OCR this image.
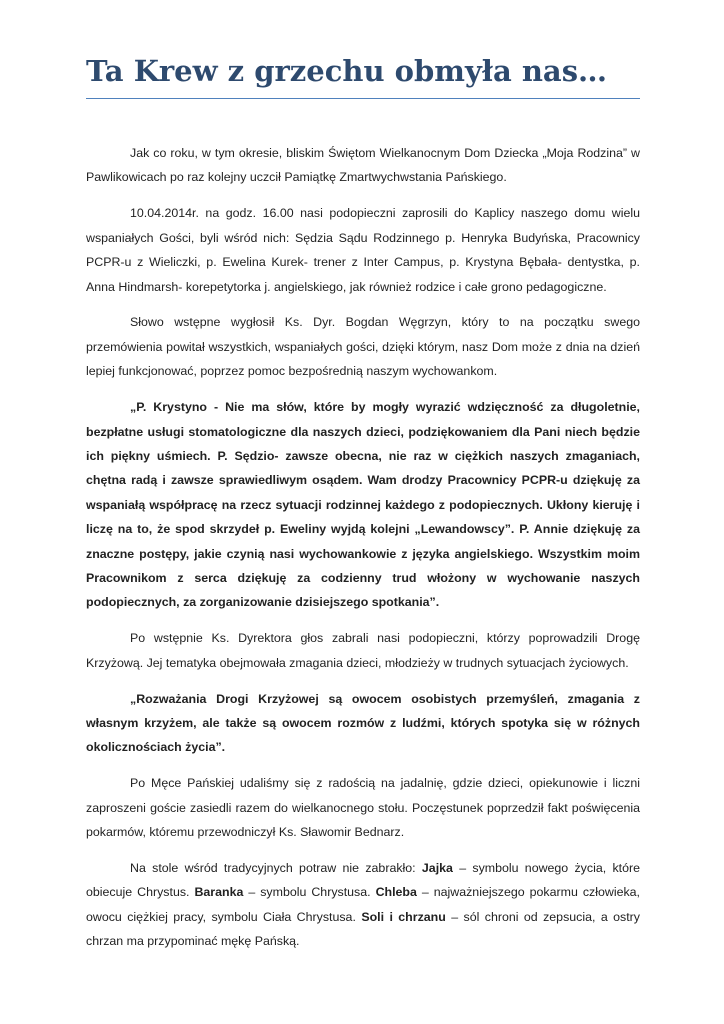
Ta Krew z grzechu obmyła nas…

Jak co roku, w tym okresie, bliskim Świętom Wielkanocnym Dom Dziecka „Moja Rodzina” w Pawlikowicach po raz kolejny uczcił Pamiątkę Zmartwychwstania Pańskiego.

10.04.2014r. na godz. 16.00 nasi podopieczni zaprosili do Kaplicy naszego domu wielu wspaniałych Gości, byli wśród nich: Sędzia Sądu Rodzinnego p. Henryka Budyńska, Pracownicy PCPR-u z Wieliczki, p. Ewelina Kurek- trener z Inter Campus, p. Krystyna Bębała- dentystka, p. Anna Hindmarsh- korepetytorka j. angielskiego, jak również rodzice i całe grono pedagogiczne.

Słowo wstępne wygłosił Ks. Dyr. Bogdan Węgrzyn, który to na początku swego przemówienia powitał wszystkich, wspaniałych gości, dzięki którym, nasz Dom może z dnia na dzień lepiej funkcjonować, poprzez pomoc bezpośrednią naszym wychowankom.

„P. Krystyno - Nie ma słów, które by mogły wyrazić wdzięczność za długoletnie, bezpłatne usługi stomatologiczne dla naszych dzieci, podziękowaniem dla Pani niech będzie ich piękny uśmiech. P. Sędzio- zawsze obecna, nie raz w ciężkich naszych zmaganiach, chętna radą i zawsze sprawiedliwym osądem. Wam drodzy Pracownicy PCPR-u dziękuję za wspaniałą współpracę na rzecz sytuacji rodzinnej każdego z podopiecznych. Ukłony kieruję i liczę na to, że spod skrzydeł p. Eweliny wyjdą kolejni „Lewandowscy”. P. Annie dziękuję za znaczne postępy, jakie czynią nasi wychowankowie z języka angielskiego. Wszystkim moim Pracownikom z serca dziękuję za codzienny trud włożony w wychowanie naszych podopiecznych, za zorganizowanie dzisiejszego spotkania”.

Po wstępnie Ks. Dyrektora głos zabrali nasi podopieczni, którzy poprowadzili Drogę Krzyżową. Jej tematyka obejmowała zmagania dzieci, młodzieży w trudnych sytuacjach życiowych.

„Rozważania Drogi Krzyżowej są owocem osobistych przemyśleń, zmagania z własnym krzyżem, ale także są owocem rozmów z ludźmi, których spotyka się w różnych okolicznościach życia”.

Po Męce Pańskiej udaliśmy się z radością na jadalnię, gdzie dzieci, opiekunowie i liczni zaproszeni goście zasiedli razem do wielkanocnego stołu. Poczęstunek poprzedził fakt poświęcenia pokarmów, któremu przewodniczył Ks. Sławomir Bednarz.

Na stole wśród tradycyjnych potraw nie zabrakło: Jajka – symbolu nowego życia, które obiecuje Chrystus. Baranka – symbolu Chrystusa. Chleba – najważniejszego pokarmu człowieka, owocu ciężkiej pracy, symbolu Ciała Chrystusa. Soli i chrzanu – sól chroni od zepsucia, a ostry chrzan ma przypominać mękę Pańską.
